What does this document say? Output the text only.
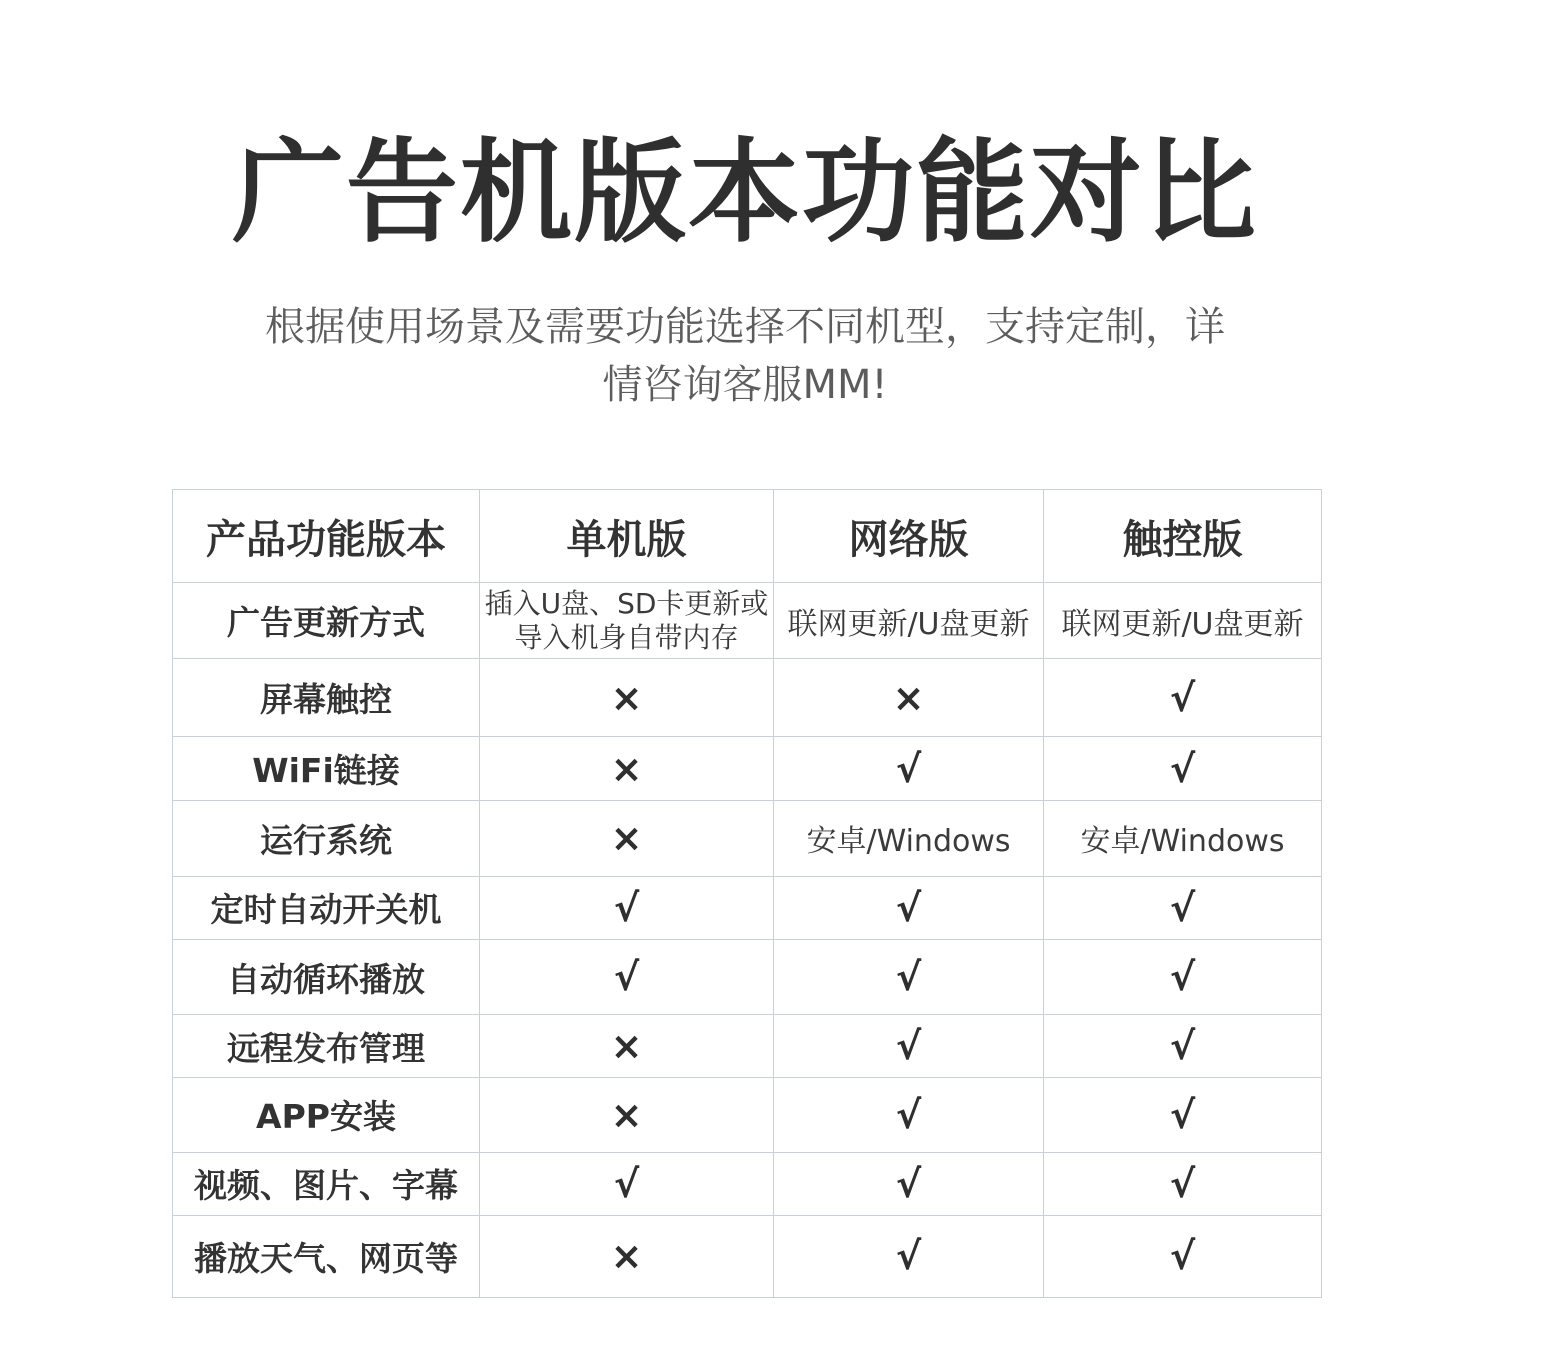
广告机版本功能对比

根据使用场景及需要功能选择不同机型，支持定制，详
情咨询客服MM!

产品功能版本	单机版	网络版	触控版
广告更新方式	插入U盘、SD卡更新或导入机身自带内存	联网更新/U盘更新	联网更新/U盘更新
屏幕触控	×	×	√
WiFi链接	×	√	√
运行系统	×	安卓/Windows	安卓/Windows
定时自动开关机	√	√	√
自动循环播放	√	√	√
远程发布管理	×	√	√
APP安装	×	√	√
视频、图片、字幕	√	√	√
播放天气、网页等	×	√	√
